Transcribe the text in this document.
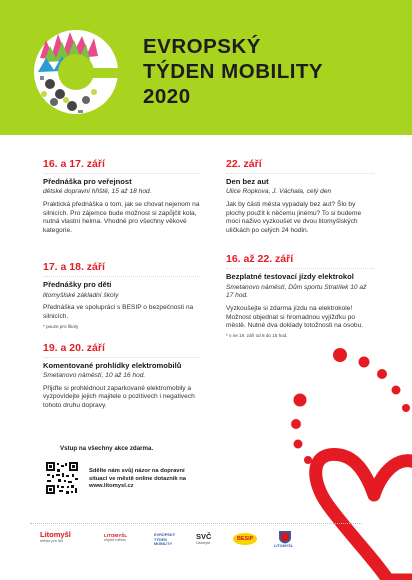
EVROPSKÝ
TÝDEN MOBILITY
2020
16. a 17. září
Přednáška pro veřejnost
dětské dopravní hřiště, 15 až 18 hod.
Praktická přednáška o tom, jak se chovat nejenom na silnicích. Pro zájemce bude možnost si zapůjčit kola, nutná vlastní helma. Vhodné pro všechny věkové kategorie.
17. a 18. září
Přednášky pro děti
litomyšlské základní školy
Přednáška ve spolupráci s BESIP o bezpečnosti na silnicích.
* pouze pro školy
19. a 20. září
Komentované prohlídky elektromobilů
Smetanovo náměstí, 10 až 16 hod.
Přijďte si prohlédnout zaparkované elektromobily a vyzpovídejte jejich majitele o pozitivech i negativech tohoto druhu dopravy.
22. září
Den bez aut
Ulice Ropkova, J. Váchala, celý den
Jak by části města vypadaly bez aut? Šlo by plochy použít k něčemu jinému? To si budeme moci naživo vyzkoušet ve dvou litomyšlských uličkách po celých 24 hodin.
16. až 22. září
Bezplatné testovací jízdy elektrokol
Smetanovo náměstí, Dům sportu Stratílek 10 až 17 hod.
Vyzkoušejte si zdarma jízdu na elektrokole! Možnost objednat si hromadnou vyjížďku po městě. Nutné dva doklady totožnosti na osobu.
* v ne 19. září od 8 do 15 hod.
Vstup na všechny akce zdarma.
Sdělte nám svůj názor na dopravní situaci ve městě online dotazník na www.litomysl.cz
Litomyšl
město pro lidi
LITOMYŠL
chytré město
EVROPSKÝ TÝDEN MOBILITY
SVČ
Litomyšl
BESIP
LITOMYŠL
